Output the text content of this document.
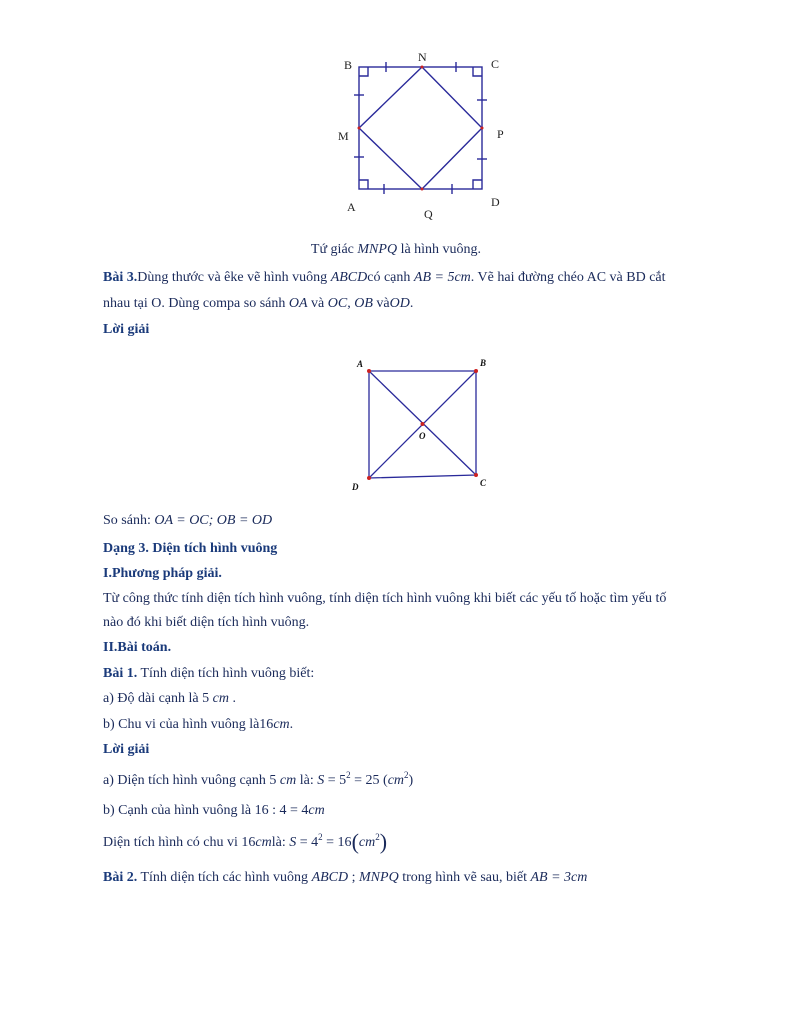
B
N	C
M	P
A	Q
D
Tứ giác MNPQ là hình vuông.
Bài 3.Dùng thước và êke vẽ hình vuông ABCDcó cạnh AB = 5cm. Vẽ hai đường chéo AC và BD cắt
nhau tại O. Dùng compa so sánh OA và OC, OB vàOD.
Lời giải
A	B
O
D	C
So sánh: OA = OC; OB = OD
Dạng 3. Diện tích hình vuông
I.Phương pháp giải.
Từ công thức tính diện tích hình vuông, tính diện tích hình vuông khi biết các yếu tố hoặc tìm yếu tố
nào đó khi biết diện tích hình vuông.
II.Bài toán.
Bài 1. Tính diện tích hình vuông biết:
a) Độ dài cạnh là 5 cm .
b) Chu vi của hình vuông là16cm.
Lời giải
a) Diện tích hình vuông cạnh 5 cm là: $S = 5^2 = 25$ $(cm^2)$
b) Cạnh của hình vuông là 16 : 4 = 4cm
Diện tích hình có chu vi 16cmlà: $S = 4^2 = 16(cm^2)$
Bài 2. Tính diện tích các hình vuông ABCD ; MNPQ trong hình vẽ sau, biết AB = 3cm
